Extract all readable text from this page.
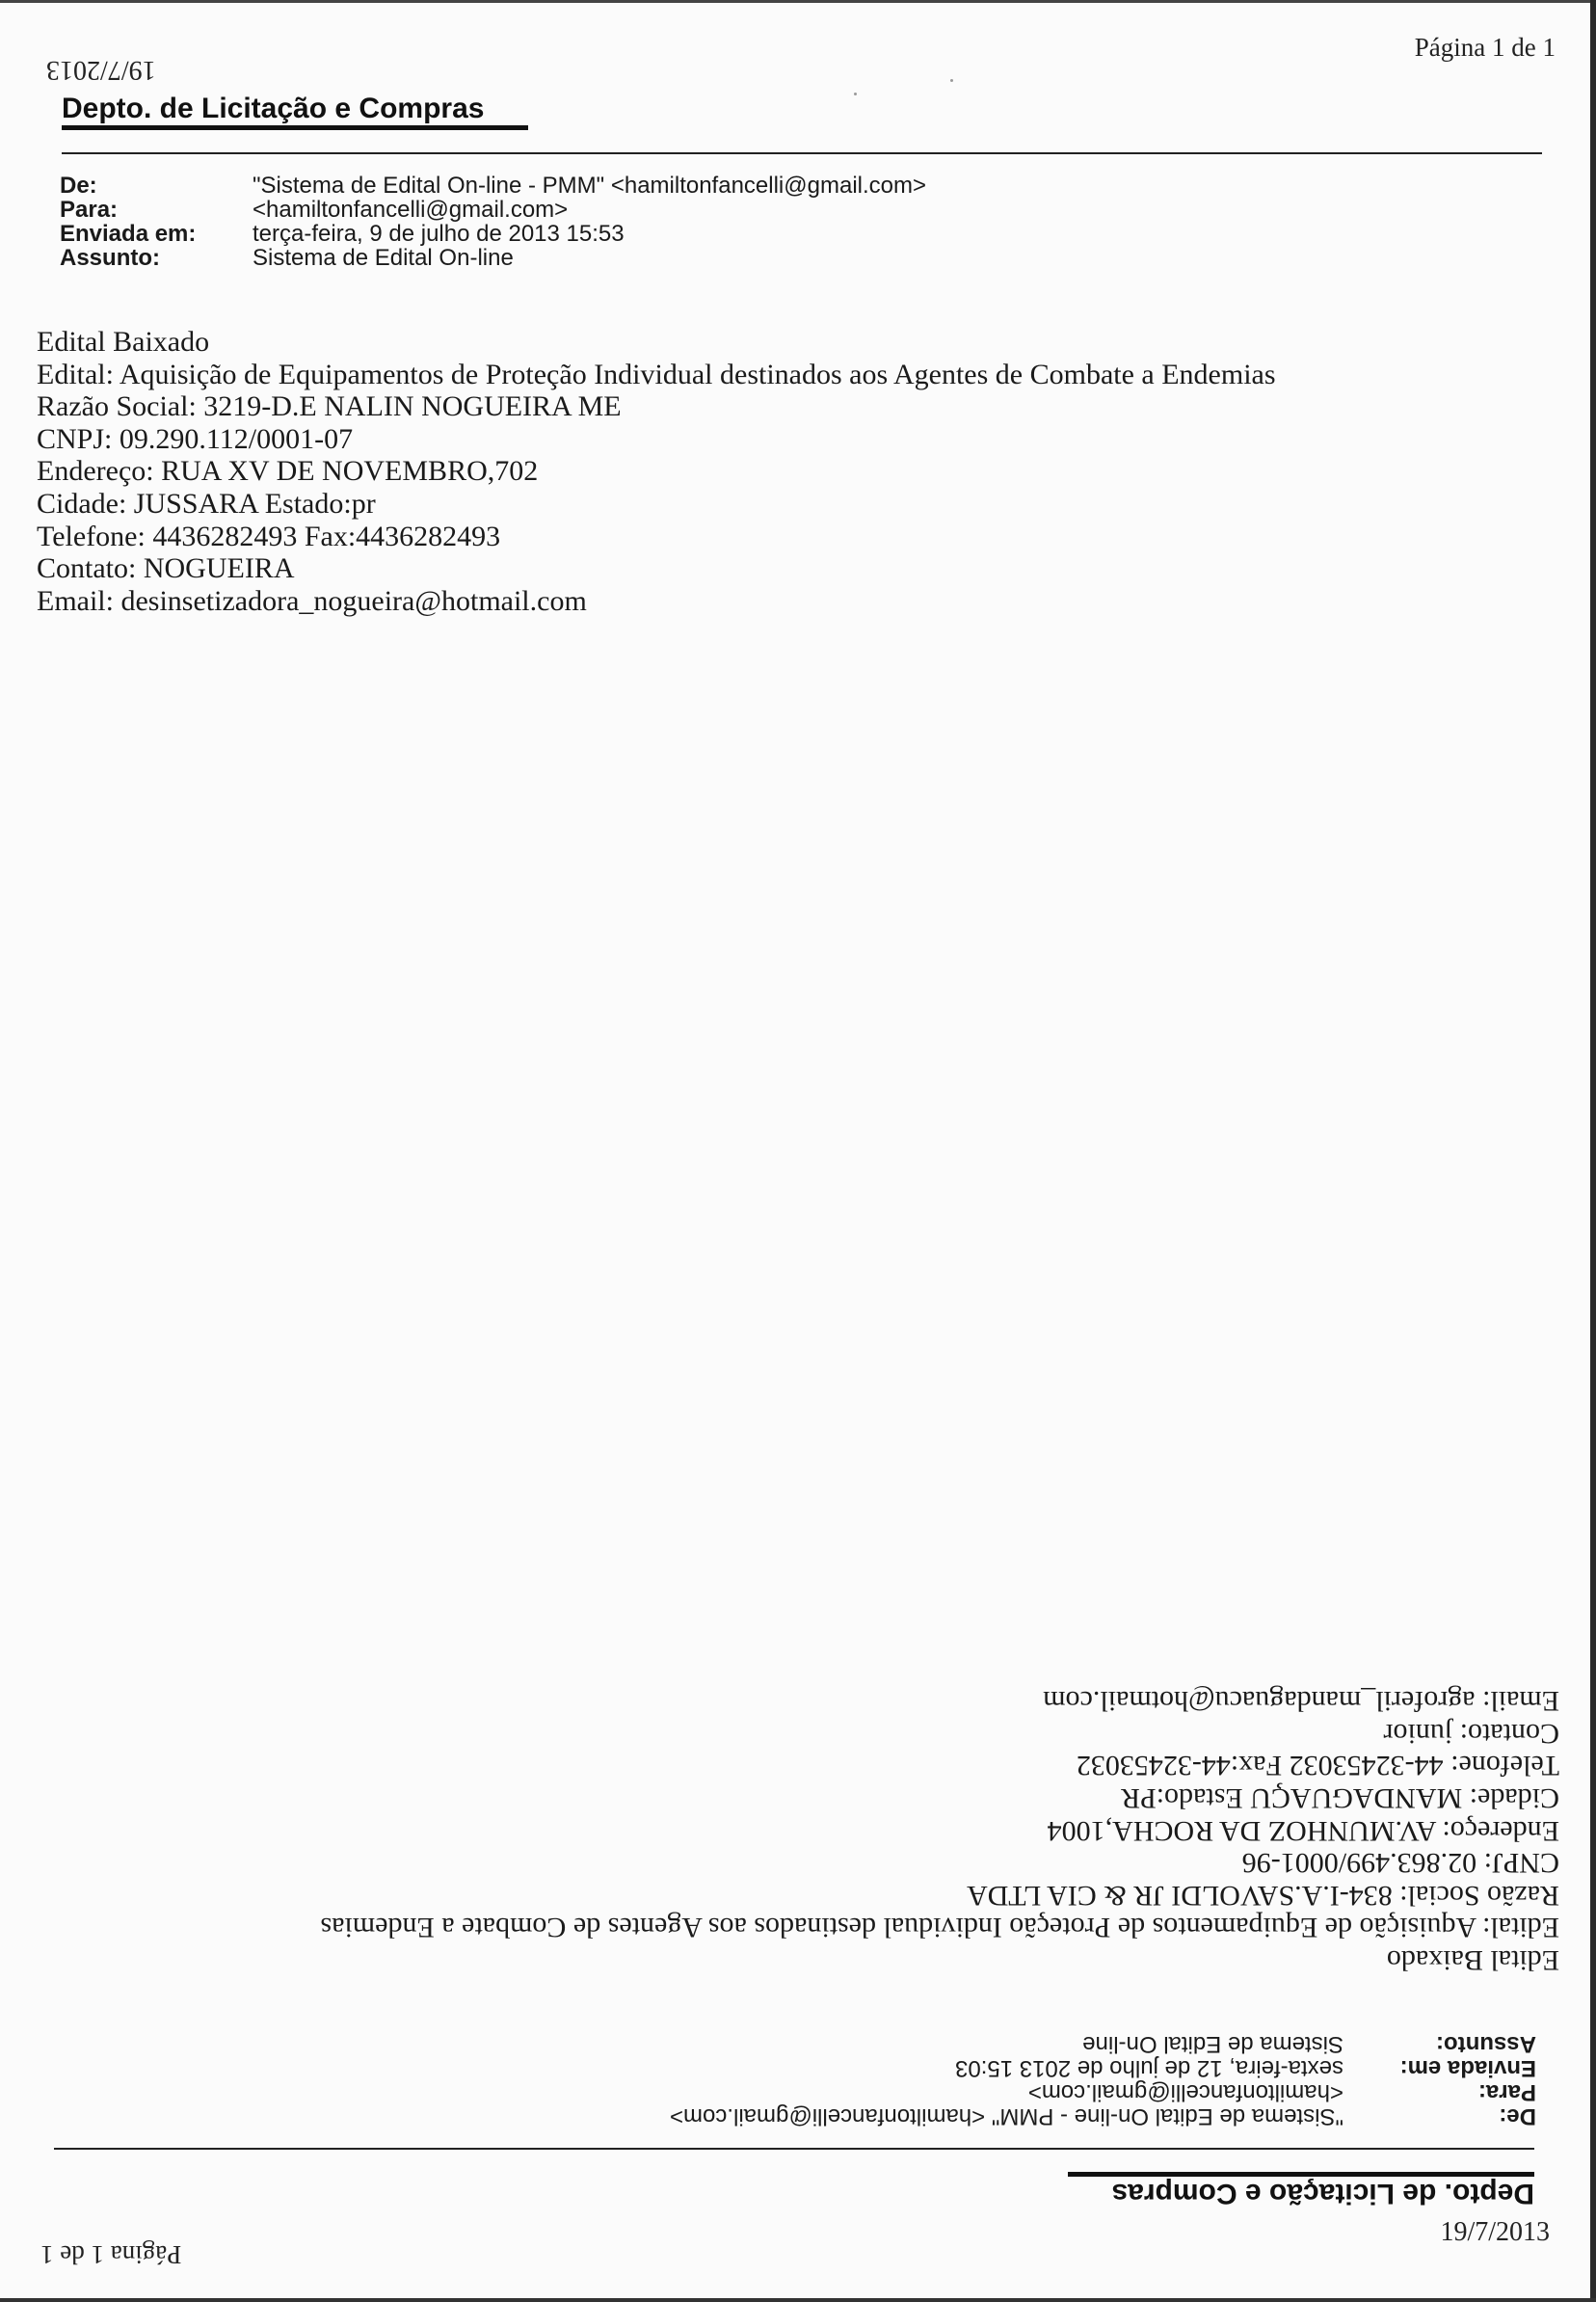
Página 1 de 1
19/7/2013
Depto. de Licitação e Compras
De:	"Sistema de Edital On-line - PMM" <hamiltonfancelli@gmail.com>
Para:	<hamiltonfancelli@gmail.com>
Enviada em:	terça-feira, 9 de julho de 2013 15:53
Assunto:	Sistema de Edital On-line
Edital Baixado
Edital: Aquisição de Equipamentos de Proteção Individual destinados aos Agentes de Combate a Endemias
Razão Social: 3219-D.E NALIN NOGUEIRA ME
CNPJ: 09.290.112/0001-07
Endereço: RUA XV DE NOVEMBRO,702
Cidade: JUSSARA Estado:pr
Telefone: 4436282493 Fax:4436282493
Contato: NOGUEIRA
Email: desinsetizadora_nogueira@hotmail.com
Página 1 de 1
19/7/2013
Depto. de Licitação e Compras
De:
"Sistema de Edital On-line - PMM" <hamiltonfancelli@gmail.com>
Para:
<hamiltonfancelli@gmail.com>
Enviada em:
sexta-feira, 12 de julho de 2013 15:03
Assunto:
Sistema de Edital On-line
Edital Baixado
Edital: Aquisição de Equipamentos de Proteção Individual destinados aos Agentes de Combate a Endemias
Razão Social: 834-I.A.SAVOLDI JR & CIA LTDA
CNPJ: 02.863.499/0001-96
Endereço: AV.MUNHOZ DA ROCHA,1004
Cidade: MANDAGUAÇU Estado:PR
Telefone: 44-32453032 Fax:44-32453032
Contato: junior
Email: agroferil_mandaguacu@hotmail.com
